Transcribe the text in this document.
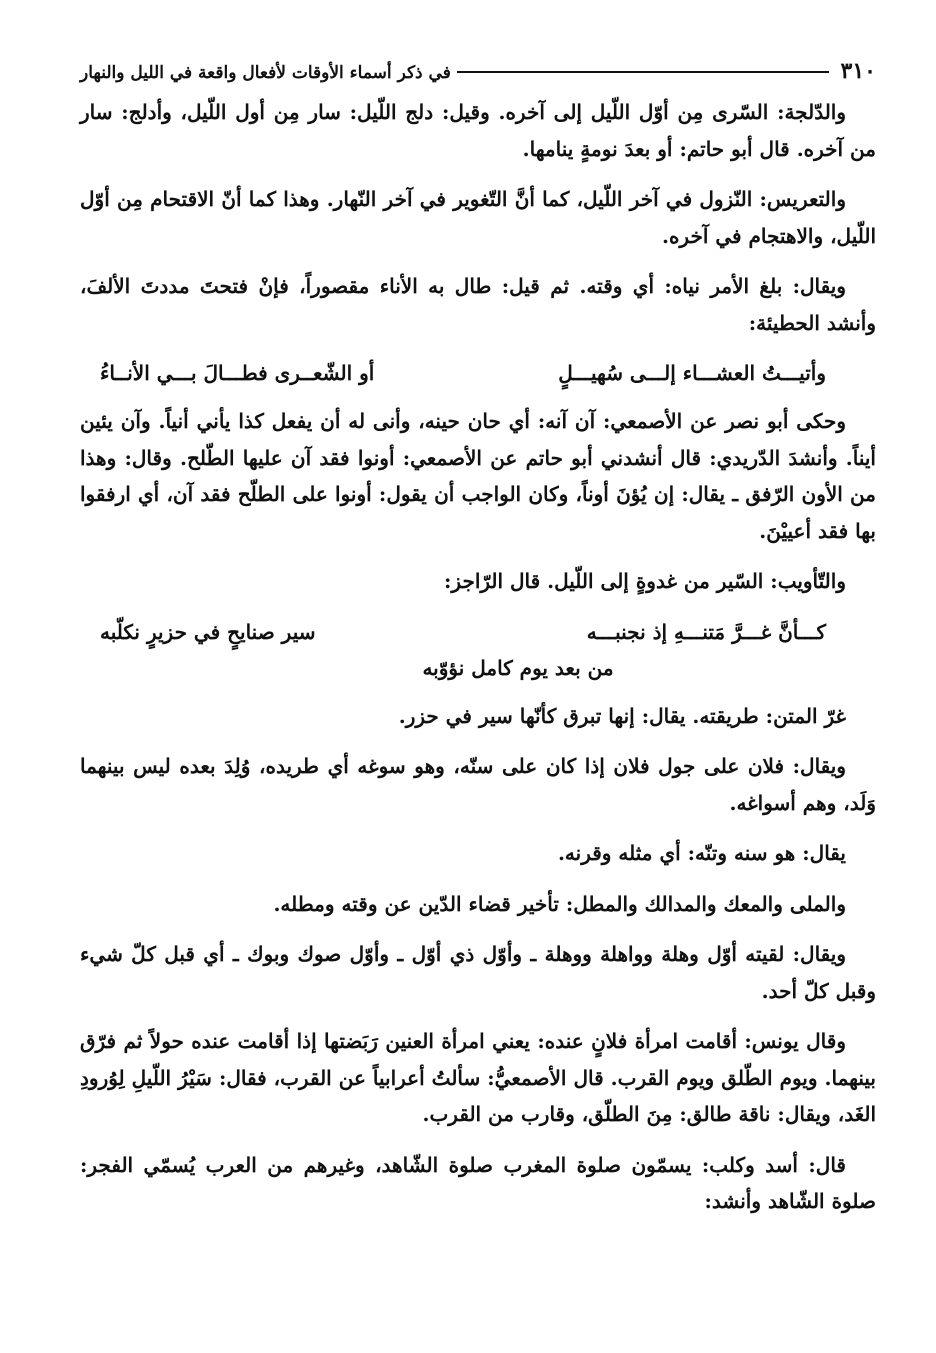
٣١٠
في ذكر أسماء الأوقات لأفعال واقعة في الليل والنهار

والدّلجة: السّرى مِن أوّل اللّيل إلى آخره. وقيل: دلج اللّيل: سار مِن أول اللّيل، وأدلج: سار من آخره. قال أبو حاتم: أو بعدَ نومةٍ ينامها.

والتعريس: النّزول في آخر اللّيل، كما أنَّ التّغوير في آخر النّهار. وهذا كما أنّ الاقتحام مِن أوّل اللّيل، والاهتجام في آخره.

ويقال: بلغ الأمر نياه: أي وقته. ثم قيل: طال به الأناء مقصوراً، فإنْ فتحتَ مددتَ الألفَ، وأنشد الحطيئة:

وأتيـــتُ العشـــاء إلـــى سُهيـــلٍ
أو الشّعــرى فطـــالَ بـــي الأنــاءُ

وحكى أبو نصر عن الأصمعي: آن آنه: أي حان حينه، وأنى له أن يفعل كذا يأني أنياً. وآن يئين أيناً. وأنشدَ الدّريدي: قال أنشدني أبو حاتم عن الأصمعي: أونوا فقد آن عليها الطّلح. وقال: وهذا من الأون الرّفق ـ يقال: إن يُؤنَ أوناً، وكان الواجب أن يقول: أونوا على الطلّح فقد آن، أي ارفقوا بها فقد أعييْنَ.

والتّأويب: السّير من غدوةٍ إلى اللّيل. قال الرّاجز:

كـــأنَّ غـــرَّ مَتنـــهِ إذ نجنبـــه
سير صنايحٍ في حزيرٍ نكلّبه
من بعد يوم كامل نؤوّبه

غرّ المتن: طريقته. يقال: إنها تبرق كأنّها سير في حزر.

ويقال: فلان على جول فلان إذا كان على سنّه، وهو سوغه أي طريده، وُلِدَ بعده ليس بينهما وَلَد، وهم أسواغه.

يقال: هو سنه وتنّه: أي مثله وقرنه.

والملى والمعك والمدالك والمطل: تأخير قضاء الدّين عن وقته ومطله.

ويقال: لقيته أوّل وهلة وواهلة ووهلة ـ وأوّل ذي أوّل ـ وأوّل صوك وبوك ـ أي قبل كلّ شيء وقبل كلّ أحد.

وقال يونس: أقامت امرأة فلانٍ عنده: يعني امرأة العنين رَبَضتها إذا أقامت عنده حولاً ثم فرّق بينهما. ويوم الطّلق ويوم القرب. قال الأصمعيُّ: سألتُ أعرابياً عن القرب، فقال: سَيْرُ اللّيلِ لِوُرودِ الغَد، ويقال: ناقة طالق: مِنَ الطلّق، وقارب من القرب.

قال: أسد وكلب: يسمّون صلوة المغرب صلوة الشّاهد، وغيرهم من العرب يُسمّي الفجر: صلوة الشّاهد وأنشد:
